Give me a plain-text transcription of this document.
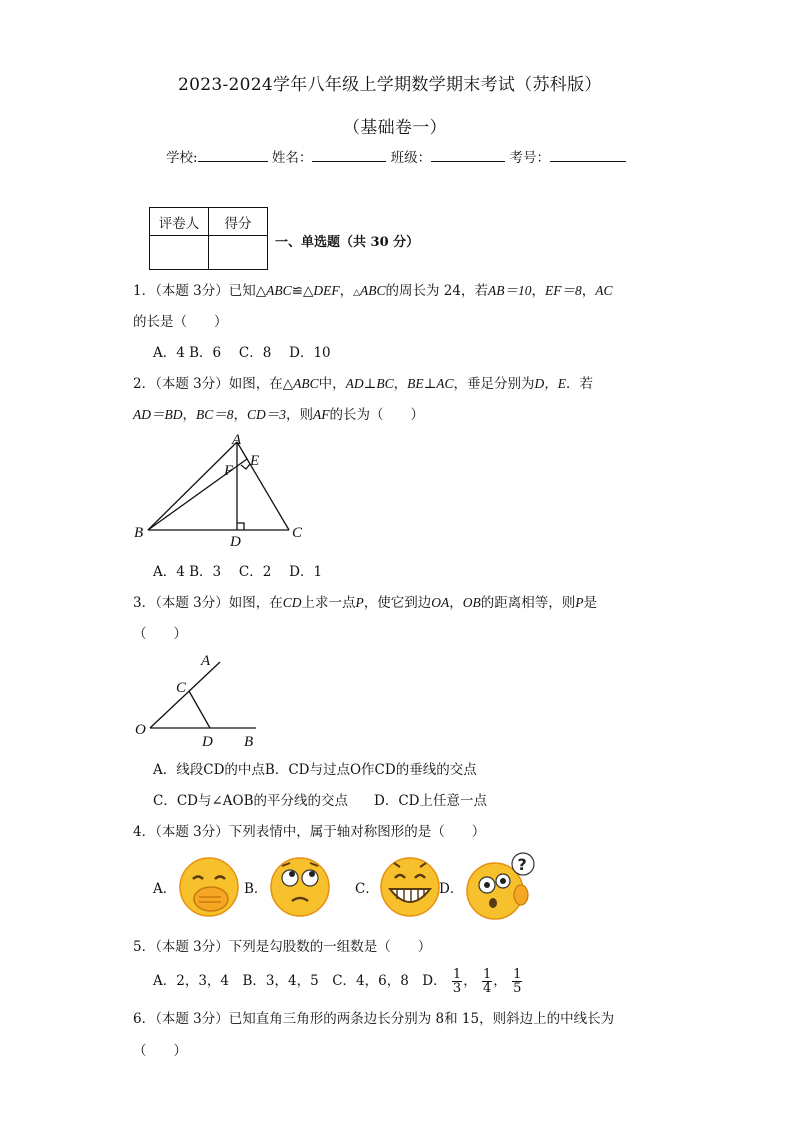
2023-2024学年八年级上学期数学期末考试（苏科版）
（基础卷一）
学校:	姓名：	班级：	考号：
评卷人	得分

一、单选题（共 30 分）
1．（本题 3分）已知△ABC≌△DEF，△ABC的周长为 24，若AB＝10，EF＝8，AC
的长是（　　）
A．4 B．6　 C．8　 D．10
2．（本题 3分）如图，在△ABC中，AD⊥BC，BE⊥AC，垂足分别为D，E．若
AD＝BD，BC＝8，CD＝3，则AF的长为（　　）
A
B	C
D
E
F
A．4 B．3　 C．2　 D．1
3．（本题 3分）如图，在CD上求一点P，使它到边OA，OB的距离相等，则P是
（　　）
O
A
B
C
D
A．线段CD的中点B．CD与过点O作CD的垂线的交点
C．CD与∠AOB的平分线的交点 D．CD上任意一点
4．（本题 3分）下列表情中，属于轴对称图形的是（　　）
A．	B．	C．	D．
?
5．（本题 3分）下列是勾股数的一组数是（　　）
A．2，3，4　B．3，4，5　C．4，6，8　D． $\frac{1}{3}$ ， $\frac{1}{4}$ ， $\frac{1}{5}$
6．（本题 3分）已知直角三角形的两条边长分别为 8和 15，则斜边上的中线长为
（　　）
